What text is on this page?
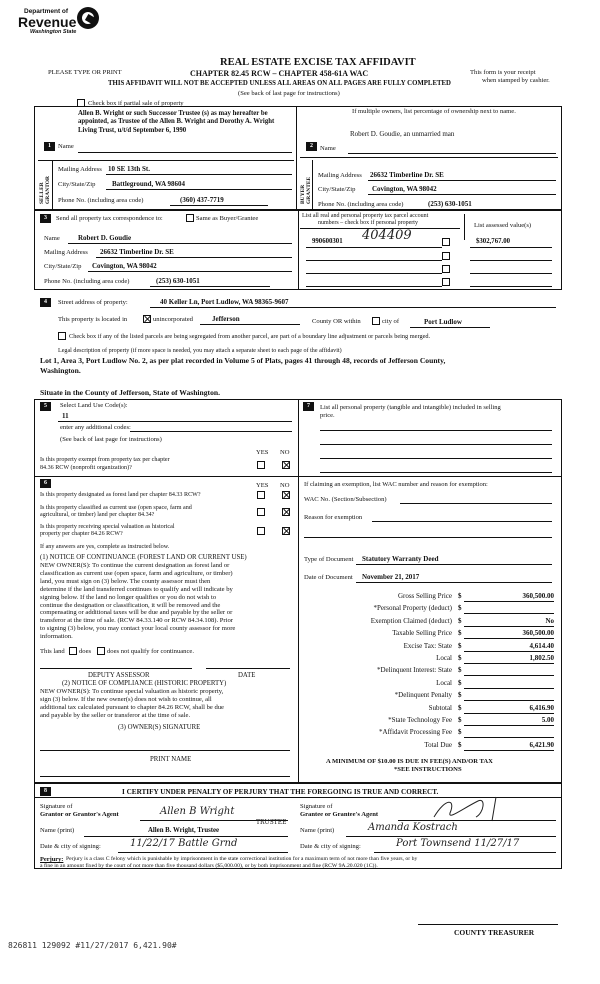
Department of
Revenue
Washington State
REAL ESTATE EXCISE TAX AFFIDAVIT
PLEASE TYPE OR PRINT	CHAPTER 82.45 RCW – CHAPTER 458-61A WAC	This form is your receipt
when stamped by cashier.
THIS AFFIDAVIT WILL NOT BE ACCEPTED UNLESS ALL AREAS ON ALL PAGES ARE FULLY COMPLETED
(See back of last page for instructions)
Check box if partial sale of property
If multiple owners, list percentage of ownership next to name.
Allen B. Wright or such Successor Trustee (s) as may hereafter be appointed, as Trustee of the Allen B. Wright and Dorothy A. Wright Living Trust, u/t/d September 6, 1990
1	Name	2	Name
Robert D. Goudie, an unmarried man
SELLER GRANTOR
Mailing Address 10 SE 13th St.
City/State/Zip Battleground, WA 98604
Phone No. (including area code)	(360) 437-7719	BUYER GRANTEE
Mailing Address 26632 Timberline Dr. SE
City/State/Zip Covington, WA 98042
Phone No. (including area code)	(253) 630-1051
3	Send all property tax correspondence to:	Same as Buyer/Grantee
Name	Robert D. Goudie
Mailing Address 26632 Timberline Dr. SE
City/State/Zip Covington, WA 98042
Phone No. (including area code)	(253) 630-1051
List all real and personal property tax parcel account
numbers – check box if personal property	List assessed value(s)
990600301 404409	$302,767.00
4	Street address of property:	40 Keller Ln, Port Ludlow, WA 98365-9607
This property is located in	unincorporated	Jefferson	County OR within	city of	Port Ludlow
Check box if any of the listed parcels are being segregated from another parcel, are part of a boundary line adjustment or parcels being merged.
Legal description of property (if more space is needed, you may attach a separate sheet to each page of the affidavit)
Lot 1, Area 3, Port Ludlow No. 2, as per plat recorded in Volume 5 of Plats, pages 41 through 48, records of Jefferson County,
Washington.
Situate in the County of Jefferson, State of Washington.
5	Select Land Use Code(s):
11
enter any additional codes:
(See back of last page for instructions)
YES NO
Is this property exempt from property tax per chapter
84.36 RCW (nonprofit organization)?
6	YES NO
Is this property designated as forest land per chapter 84.33 RCW?
Is this property classified as current use (open space, farm and
agricultural, or timber) land per chapter 84.34?
Is this property receiving special valuation as historical
property per chapter 84.26 RCW?
If any answers are yes, complete as instructed below.
(1) NOTICE OF CONTINUANCE (FOREST LAND OR CURRENT USE)
NEW OWNER(S): To continue the current designation as forest land or
classification as current use (open space, farm and agriculture, or timber)
land, you must sign on (3) below. The county assessor must then
determine if the land transferred continues to qualify and will indicate by
signing below. If the land no longer qualifies or you do not wish to
continue the designation or classification, it will be removed and the
compensating or additional taxes will be due and payable by the seller or
transferor at the time of sale. (RCW 84.33.140 or RCW 84.34.108). Prior
to signing (3) below, you may contact your local county assessor for more
information.
This land does does not qualify for continuance.
DEPUTY ASSESSOR	DATE
(2) NOTICE OF COMPLIANCE (HISTORIC PROPERTY)
NEW OWNER(S): To continue special valuation as historic property,
sign (3) below. If the new owner(s) does not wish to continue, all
additional tax calculated pursuant to chapter 84.26 RCW, shall be due
and payable by the seller or transferor at the time of sale.
(3) OWNER(S) SIGNATURE
PRINT NAME
7	List all personal property (tangible and intangible) included in selling
price.
If claiming an exemption, list WAC number and reason for exemption:
WAC No. (Section/Subsection)
Reason for exemption
Type of Document Statutory Warranty Deed
Date of Document November 21, 2017
Gross Selling Price $	360,500.00
*Personal Property (deduct) $
Exemption Claimed (deduct) $	No
Taxable Selling Price $	360,500.00
Excise Tax: State $	4,614.40
Local $	1,802.50
*Delinquent Interest: State $
Local $
*Delinquent Penalty $
Subtotal $	6,416.90
*State Technology Fee $	5.00
*Affidavit Processing Fee $
Total Due $	6,421.90
A MINIMUM OF $10.00 IS DUE IN FEE(S) AND/OR TAX
*SEE INSTRUCTIONS
8	I CERTIFY UNDER PENALTY OF PERJURY THAT THE FOREGOING IS TRUE AND CORRECT.
Signature of
Grantor or Grantor's Agent	Allen B Wright	Signature of
Grantee or Grantee's Agent
Name (print)	Allen B. Wright, Trustee
TRUSTEE
Name (print)	Amanda Kostrach
Date & city of signing:	11/22/17 Battle Grnd	Date & city of signing:	Port Townsend 11/27/17
Perjury: Perjury is a class C felony which is punishable by imprisonment in the state correctional institution for a maximum term of not more than five years, or by
a fine in an amount fixed by the court of not more than five thousand dollars ($5,000.00), or by both imprisonment and fine (RCW 9A.20.020 (1C)).
COUNTY TREASURER
826811 129092 #11/27/2017 6,421.90#
